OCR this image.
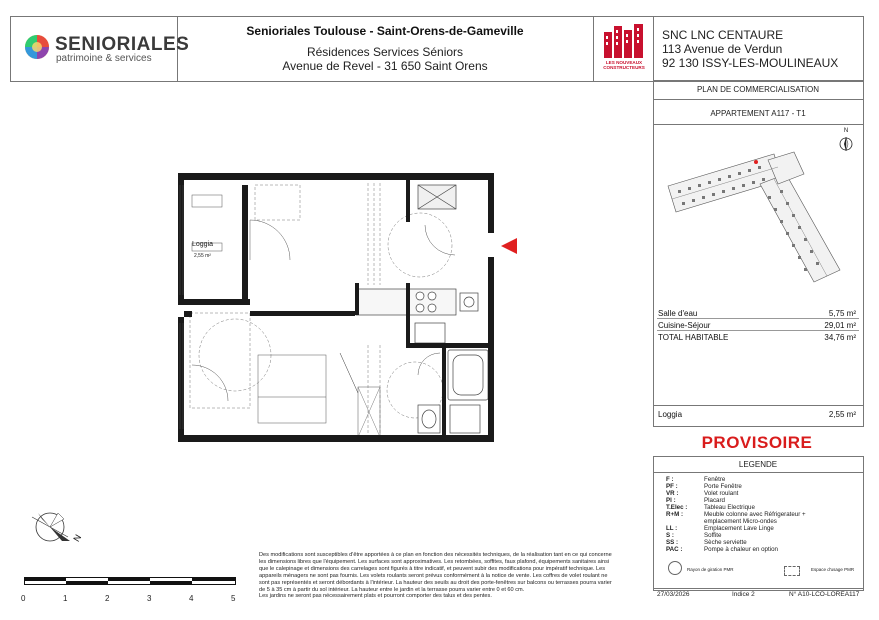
SENIORIALES
patrimoine & services
Senioriales Toulouse - Saint-Orens-de-Gameville
Résidences Services Séniors
Avenue de Revel - 31 650 Saint Orens	LES NOUVEAUX CONSTRUCTEURS
SNC LNC CENTAURE
113 Avenue de Verdun
92 130 ISSY-LES-MOULINEAUX
PLAN DE COMMERCIALISATION
APPARTEMENT A117 - T1
N
Salle d'eau	5,75 m²
Cuisine-Séjour	29,01 m²
TOTAL HABITABLE	34,76 m²
Loggia	2,55 m²
PROVISOIRE
LEGENDE
F :	Fenêtre
PF :	Porte Fenêtre
VR :	Volet roulant
Pl :	Placard
T.Elec :	Tableau Electrique
R+M :	Meuble colonne avec Réfrigerateur +
emplacement Micro-ondes
LL :	Emplacement Lave Linge
S :	Soffite
SS :	Sèche serviette
PAC :	Pompe à chaleur en option
Rayon de giration PMR	Espace d'usage PMR
27/03/2026	Indice 2	N° A10-LCO-LOREA117
Loggia
2,55 m²
N
0	1	2	3	4	5
Des modifications sont susceptibles d'être apportées à ce plan en fonction des nécessités techniques, de la réalisation tant en ce qui concerne
les dimensions libres que l'équipement. Les surfaces sont approximatives. Les retombées, soffites, faux plafond, équipements sanitaires ainsi
que le calepinage et dimensions des carrelages sont figurés à titre indicatif, et peuvent subir des modifications pour impératif technique. Les
appareils ménagers ne sont pas fournis. Les volets roulants seront prévus conformément à la notice de vente. Les coffres de volet roulant ne
sont pas représentés et seront débordants à l'intérieur. La hauteur des seuils au droit des porte-fenêtres sur balcons ou terrasses pourra varier
de 5 à 35 cm à partir du sol intérieur. La hauteur entre le jardin et la terrasse pourra varier entre 0 et 60 cm.
Les jardins ne seront pas nécessairement plats et pourront comporter des talus et des pentes.
